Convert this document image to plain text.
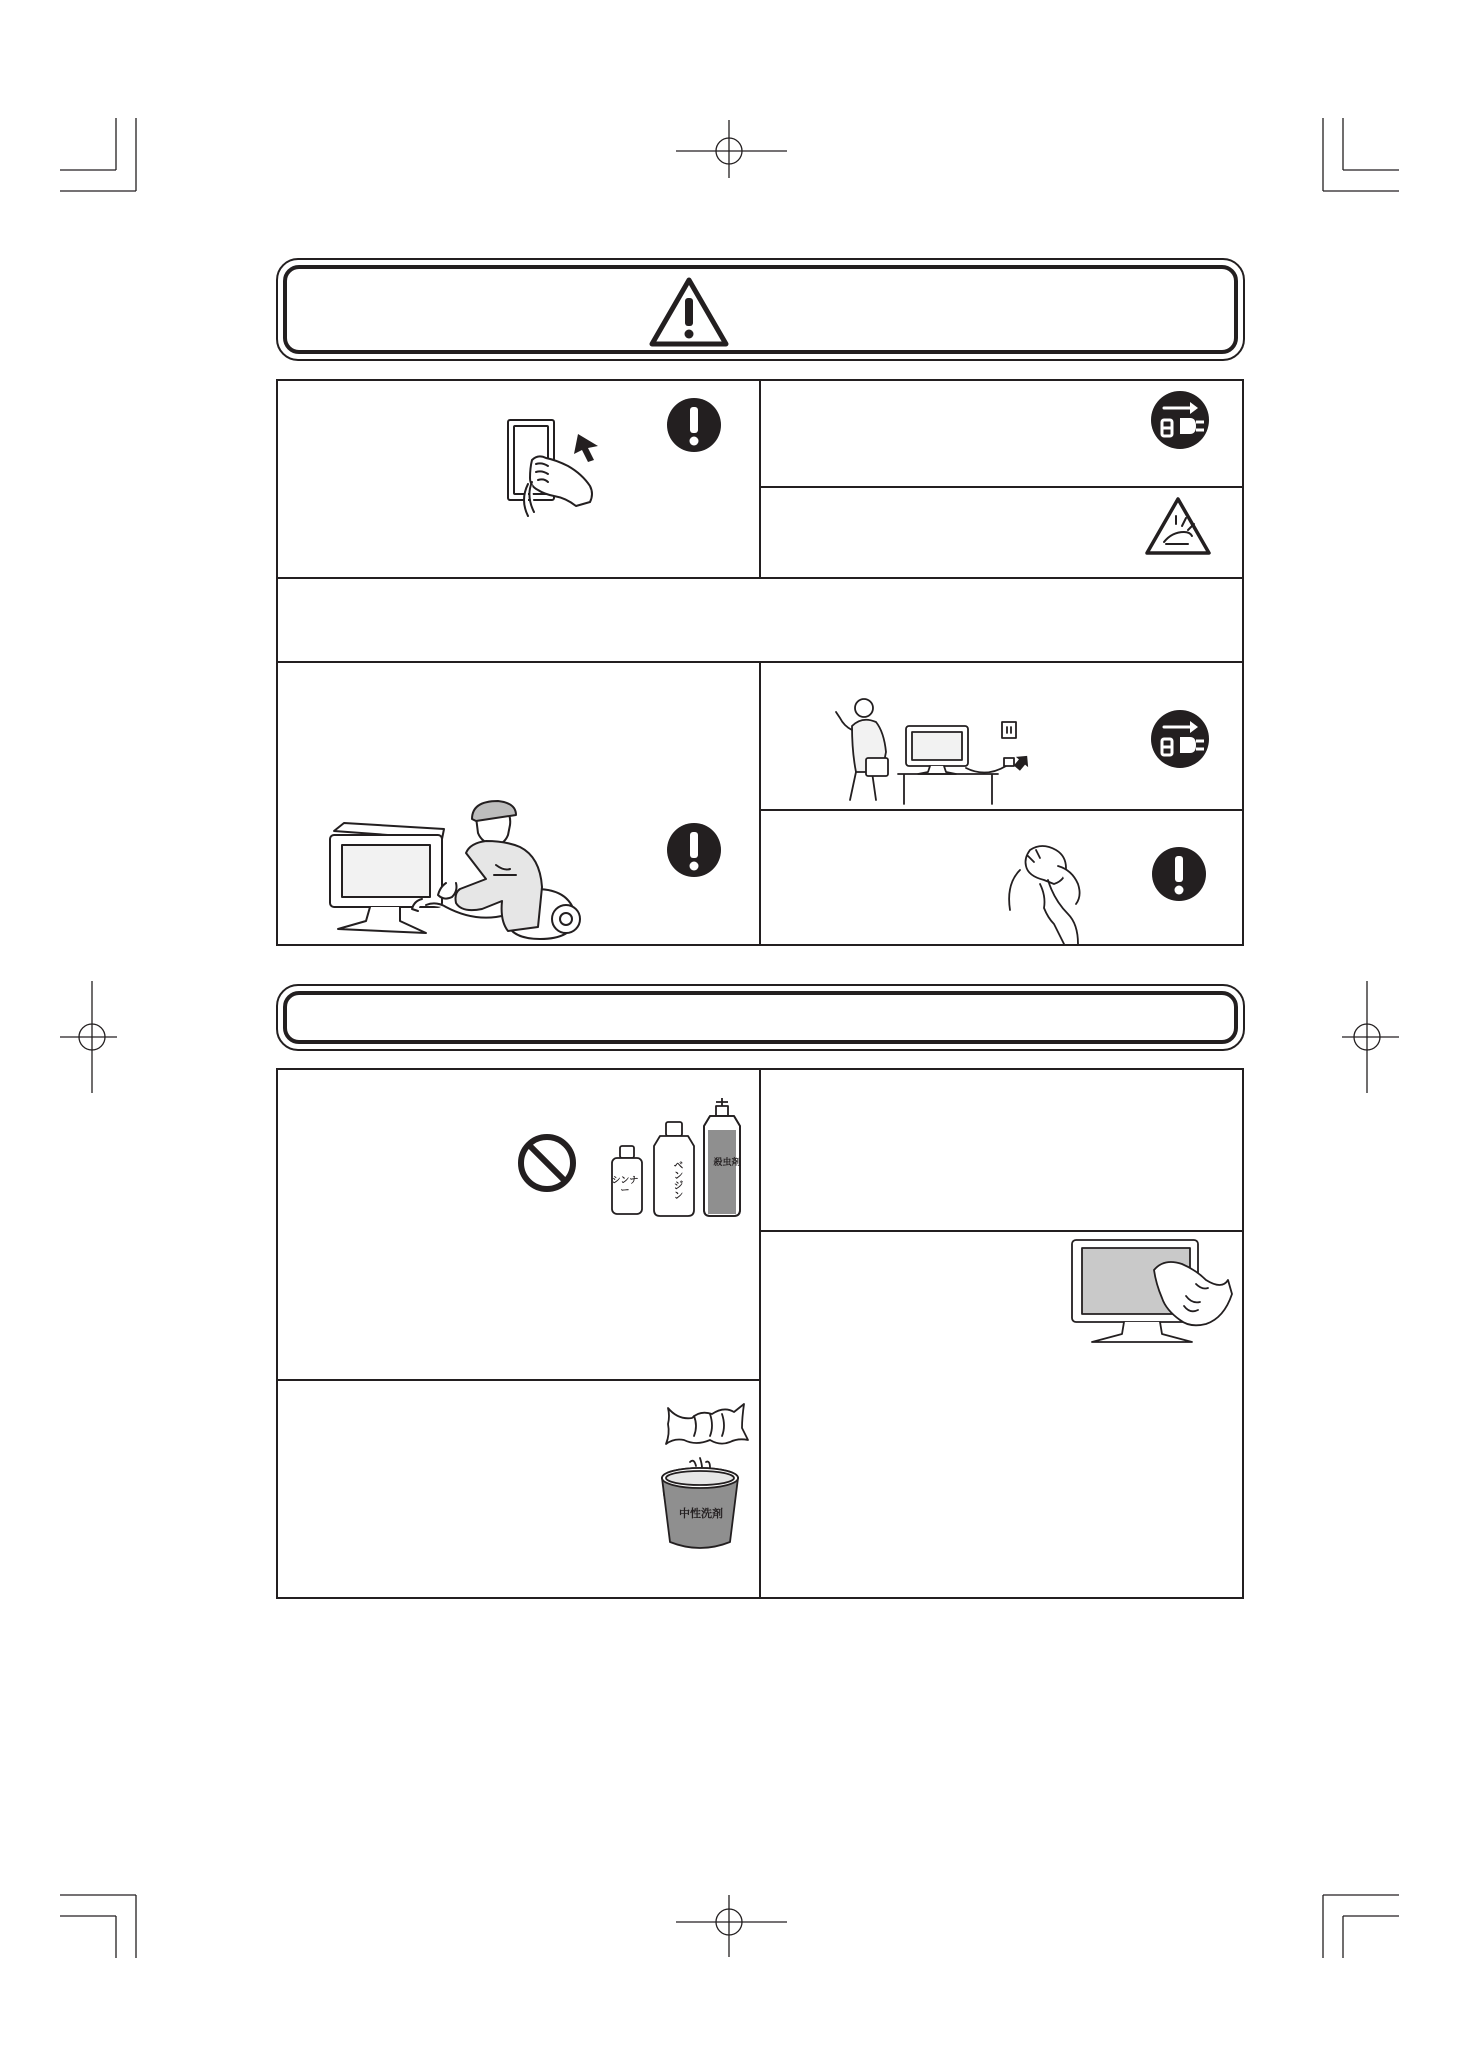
シンナー	ベンジン	殺虫剤
中性洗剤
